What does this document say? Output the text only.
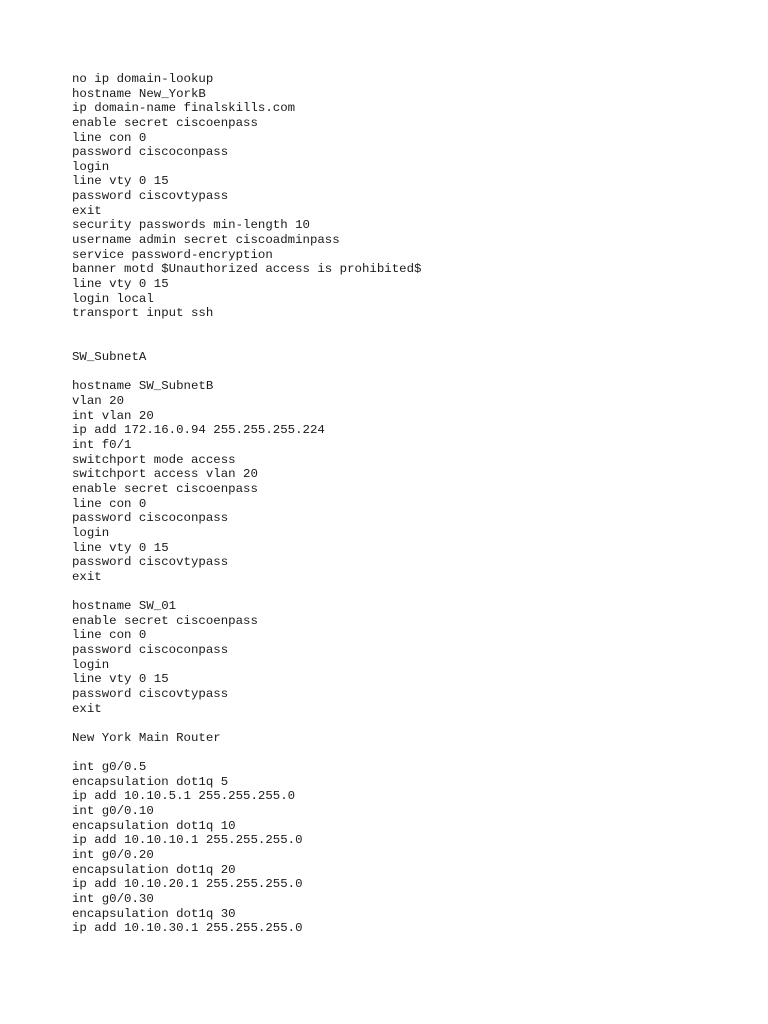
no ip domain-lookup
hostname New_YorkB
ip domain-name finalskills.com
enable secret ciscoenpass
line con 0
password ciscoconpass
login
line vty 0 15
password ciscovtypass
exit
security passwords min-length 10
username admin secret ciscoadminpass
service password-encryption
banner motd $Unauthorized access is prohibited$
line vty 0 15
login local
transport input ssh
SW_SubnetA
hostname SW_SubnetB
vlan 20
int vlan 20
ip add 172.16.0.94 255.255.255.224
int f0/1
switchport mode access
switchport access vlan 20
enable secret ciscoenpass
line con 0
password ciscoconpass
login
line vty 0 15
password ciscovtypass
exit
hostname SW_01
enable secret ciscoenpass
line con 0
password ciscoconpass
login
line vty 0 15
password ciscovtypass
exit
New York Main Router
int g0/0.5
encapsulation dot1q 5
ip add 10.10.5.1 255.255.255.0
int g0/0.10
encapsulation dot1q 10
ip add 10.10.10.1 255.255.255.0
int g0/0.20
encapsulation dot1q 20
ip add 10.10.20.1 255.255.255.0
int g0/0.30
encapsulation dot1q 30
ip add 10.10.30.1 255.255.255.0
